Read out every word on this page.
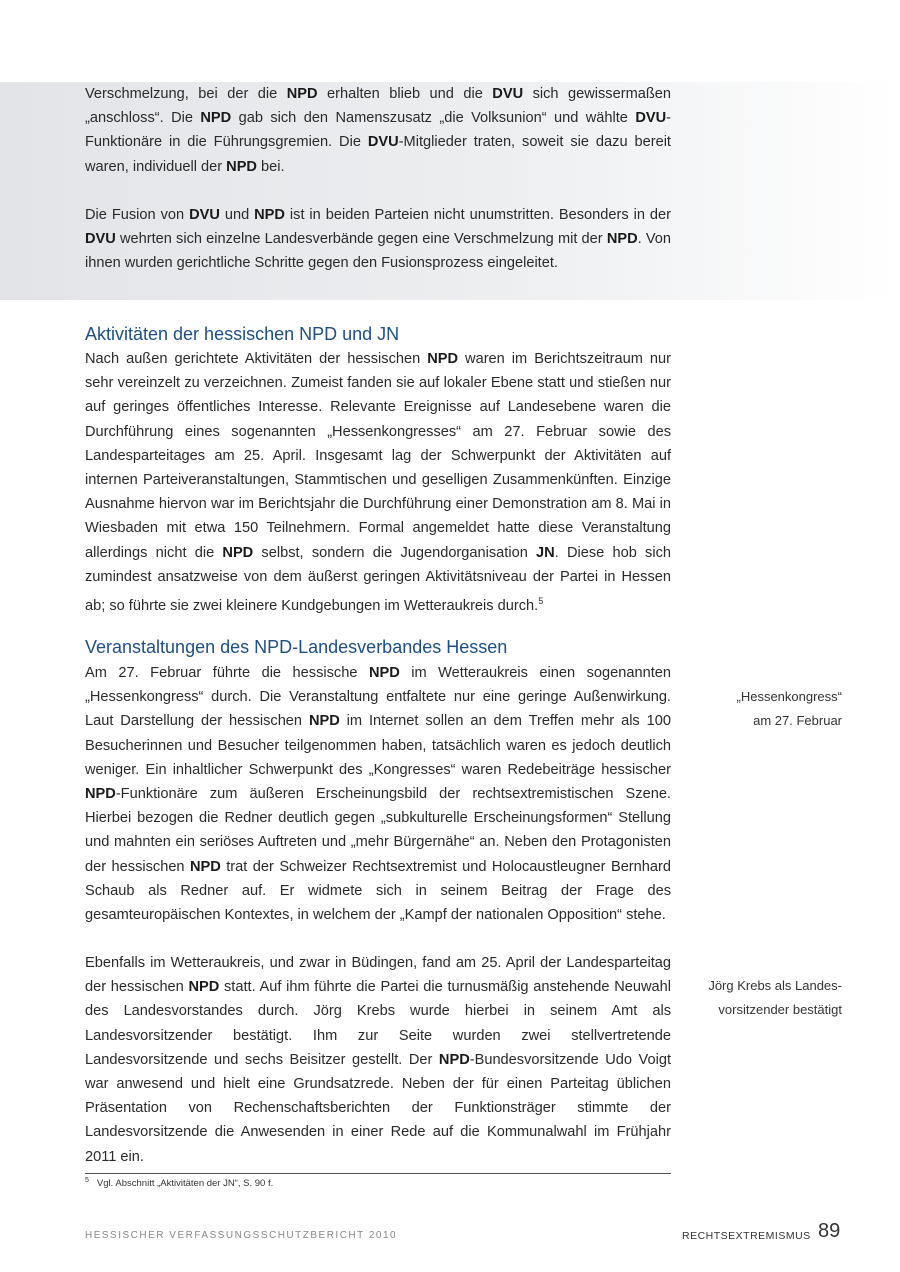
Verschmelzung, bei der die NPD erhalten blieb und die DVU sich gewissermaßen „anschloss“. Die NPD gab sich den Namenszusatz „die Volksunion“ und wählte DVU-Funktionäre in die Führungsgremien. Die DVU-Mitglieder traten, soweit sie dazu bereit waren, individuell der NPD bei.

Die Fusion von DVU und NPD ist in beiden Parteien nicht unumstritten. Besonders in der DVU wehrten sich einzelne Landesverbände gegen eine Verschmelzung mit der NPD. Von ihnen wurden gerichtliche Schritte gegen den Fusionsprozess eingeleitet.

Aktivitäten der hessischen NPD und JN

Nach außen gerichtete Aktivitäten der hessischen NPD waren im Berichtszeitraum nur sehr vereinzelt zu verzeichnen. Zumeist fanden sie auf lokaler Ebene statt und stießen nur auf geringes öffentliches Interesse. Relevante Ereignisse auf Landesebene waren die Durchführung eines sogenannten „Hessenkongresses“ am 27. Februar sowie des Landesparteitages am 25. April. Insgesamt lag der Schwerpunkt der Aktivitäten auf internen Parteiveranstaltungen, Stammtischen und geselligen Zusammenkünften. Einzige Ausnahme hiervon war im Berichtsjahr die Durchführung einer Demonstration am 8. Mai in Wiesbaden mit etwa 150 Teilnehmern. Formal angemeldet hatte diese Veranstaltung allerdings nicht die NPD selbst, sondern die Jugendorganisation JN. Diese hob sich zumindest ansatzweise von dem äußerst geringen Aktivitätsniveau der Partei in Hessen ab; so führte sie zwei kleinere Kundgebungen im Wetteraukreis durch.$^5$

Veranstaltungen des NPD-Landesverbandes Hessen

Am 27. Februar führte die hessische NPD im Wetteraukreis einen sogenannten „Hessenkongress“ durch. Die Veranstaltung entfaltete nur eine geringe Außenwirkung. Laut Darstellung der hessischen NPD im Internet sollen an dem Treffen mehr als 100 Besucherinnen und Besucher teilgenommen haben, tatsächlich waren es jedoch deutlich weniger. Ein inhaltlicher Schwerpunkt des „Kongresses“ waren Redebeiträge hessischer NPD-Funktionäre zum äußeren Erscheinungsbild der rechtsextremistischen Szene. Hierbei bezogen die Redner deutlich gegen „subkulturelle Erscheinungsformen“ Stellung und mahnten ein seriöses Auftreten und „mehr Bürgernähe“ an. Neben den Protagonisten der hessischen NPD trat der Schweizer Rechtsextremist und Holocaustleugner Bernhard Schaub als Redner auf. Er widmete sich in seinem Beitrag der Frage des gesamteuropäischen Kontextes, in welchem der „Kampf der nationalen Opposition“ stehe.

Ebenfalls im Wetteraukreis, und zwar in Büdingen, fand am 25. April der Landesparteitag der hessischen NPD statt. Auf ihm führte die Partei die turnusmäßig anstehende Neuwahl des Landesvorstandes durch. Jörg Krebs wurde hierbei in seinem Amt als Landesvorsitzender bestätigt. Ihm zur Seite wurden zwei stellvertretende Landesvorsitzende und sechs Beisitzer gestellt. Der NPD-Bundesvorsitzende Udo Voigt war anwesend und hielt eine Grundsatzrede. Neben der für einen Parteitag üblichen Präsentation von Rechenschaftsberichten der Funktionsträger stimmte der Landesvorsitzende die Anwesenden in einer Rede auf die Kommunalwahl im Frühjahr 2011 ein.

„Hessenkongress“
am 27. Februar
Jörg Krebs als Landes-
vorsitzender bestätigt
$^5$ Vgl. Abschnitt „Aktivitäten der JN“, S. 90 f.
HESSISCHER VERFASSUNGSSCHUTZBERICHT 2010	RECHTSEXTREMISMUS 89
